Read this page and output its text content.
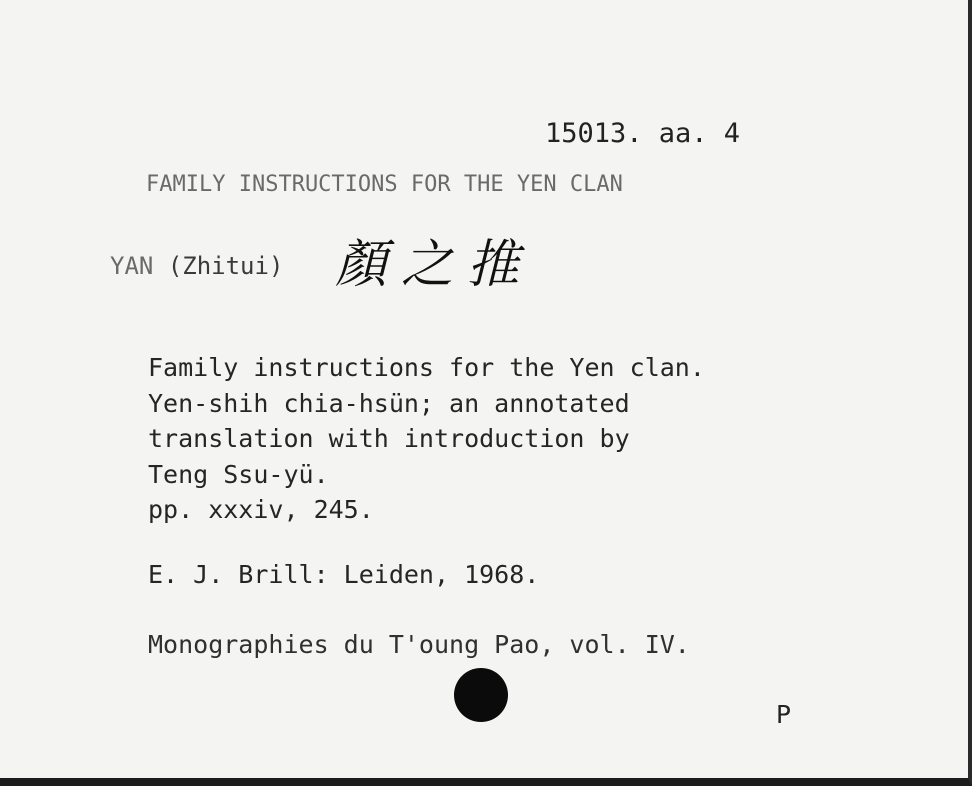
15013. aa. 4
FAMILY INSTRUCTIONS FOR THE YEN CLAN
YAN (Zhitui) 顏之推
Family instructions for the Yen clan.
Yen-shih chia-hsün; an annotated
translation with introduction by
Teng Ssu-yü.
pp. xxxiv, 245.
E. J. Brill: Leiden, 1968.
Monographies du T'oung Pao, vol. IV.
P
